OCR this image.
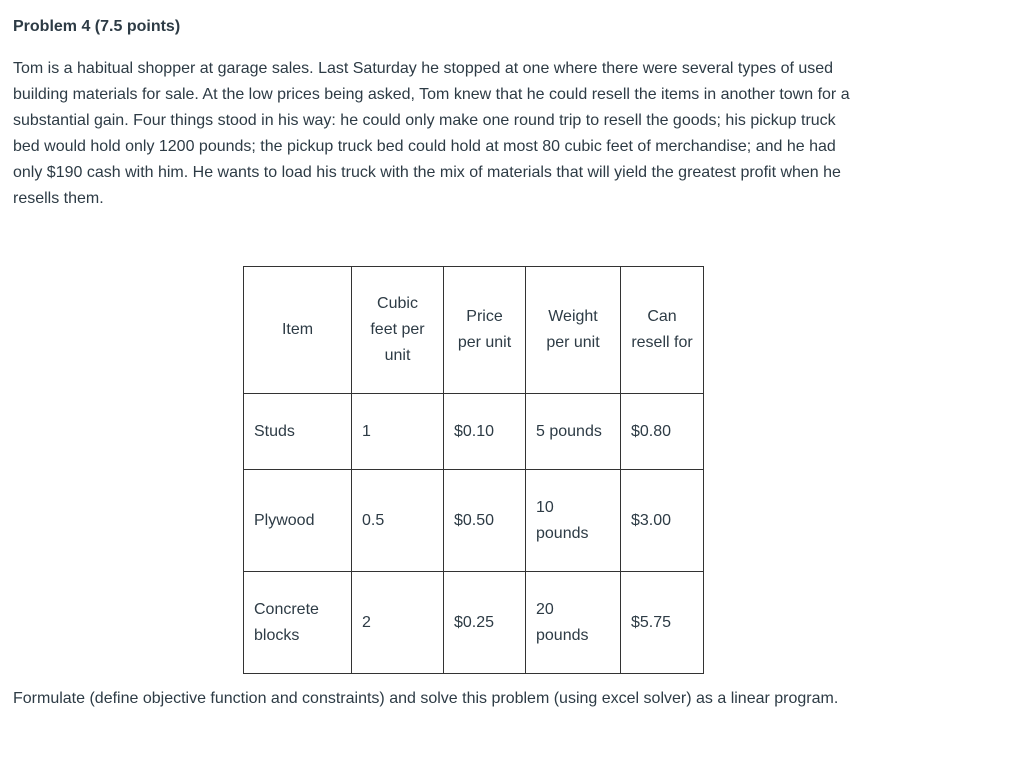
Problem 4 (7.5 points)
Tom is a habitual shopper at garage sales. Last Saturday he stopped at one where there were several types of used
building materials for sale. At the low prices being asked, Tom knew that he could resell the items in another town for a
substantial gain. Four things stood in his way: he could only make one round trip to resell the goods; his pickup truck
bed would hold only 1200 pounds; the pickup truck bed could hold at most 80 cubic feet of merchandise; and he had
only $190 cash with him. He wants to load his truck with the mix of materials that will yield the greatest profit when he
resells them.
Item	Cubic feet per unit	Price per unit	Weight per unit	Can resell for
Studs	1	$0.10	5 pounds	$0.80
Plywood	0.5	$0.50	10 pounds	$3.00
Concrete blocks	2	$0.25	20 pounds	$5.75
Formulate (define objective function and constraints) and solve this problem (using excel solver) as a linear program.
